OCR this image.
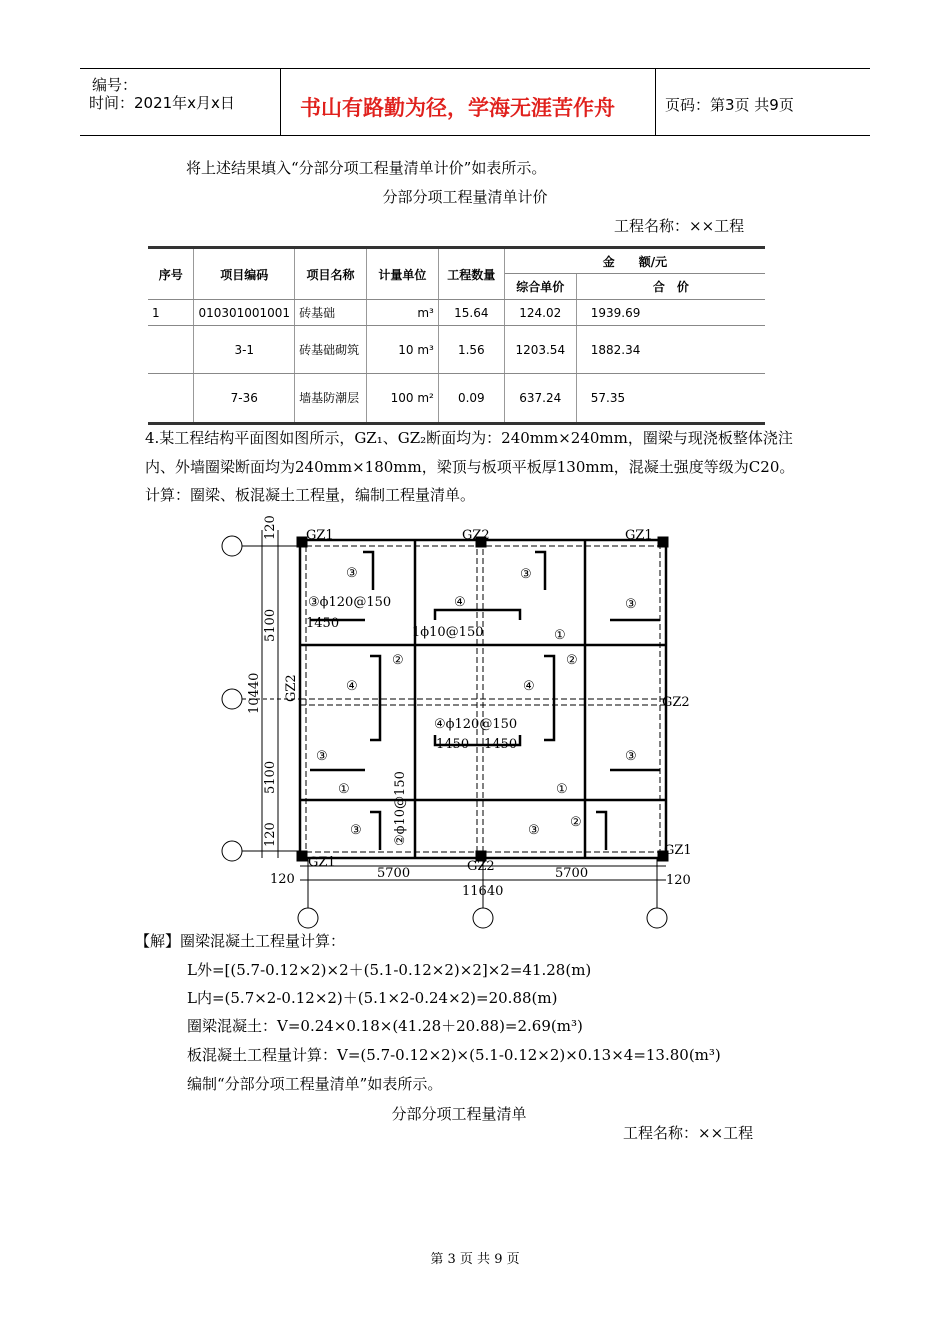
编号：
时间：2021年x月x日	书山有路勤为径，学海无涯苦作舟	页码：第3页 共9页
将上述结果填入“分部分项工程量清单计价”如表所示。
分部分项工程量清单计价
工程名称：××工程
序号	项目编码	项目名称	计量单位	工程数量	金　　额/元	
					综合单价	合　价
1	010301001001	砖基础	m³	15.64	124.02	1939.69
	3-1	砖基础砌筑	10 m³	1.56	1203.54	1882.34
	7-36	墙基防潮层	100 m²	0.09	637.24	57.35
4.某工程结构平面图如图所示，GZ₁、GZ₂断面均为：240mm×240mm，圈梁与现浇板整体浇注
内、外墙圈梁断面均为240mm×180mm，梁顶与板项平板厚130mm，混凝土强度等级为C20。
计算：圈梁、板混凝土工程量，编制工程量清单。
GZ1	GZ2	GZ1
GZ1	GZ2
GZ1
GZ2
GZ2
120
5100
10440
5100
120
120	5700	5700
11640
120
③ϕ120@150
1450
1ϕ10@150
④ϕ120@150
1450 1450
②ϕ10@150
③	③
③
④
①
②	②
④	④
③	③
①	①
③	③
②
【解】圈梁混凝土工程量计算：
L外=[(5.7-0.12×2)×2＋(5.1-0.12×2)×2]×2=41.28(m)
L内=(5.7×2-0.12×2)＋(5.1×2-0.24×2)=20.88(m)
圈梁混凝土：V=0.24×0.18×(41.28＋20.88)=2.69(m³)
板混凝土工程量计算：V=(5.7-0.12×2)×(5.1-0.12×2)×0.13×4=13.80(m³)
编制“分部分项工程量清单”如表所示。
分部分项工程量清单
工程名称：××工程
第 3 页 共 9 页
